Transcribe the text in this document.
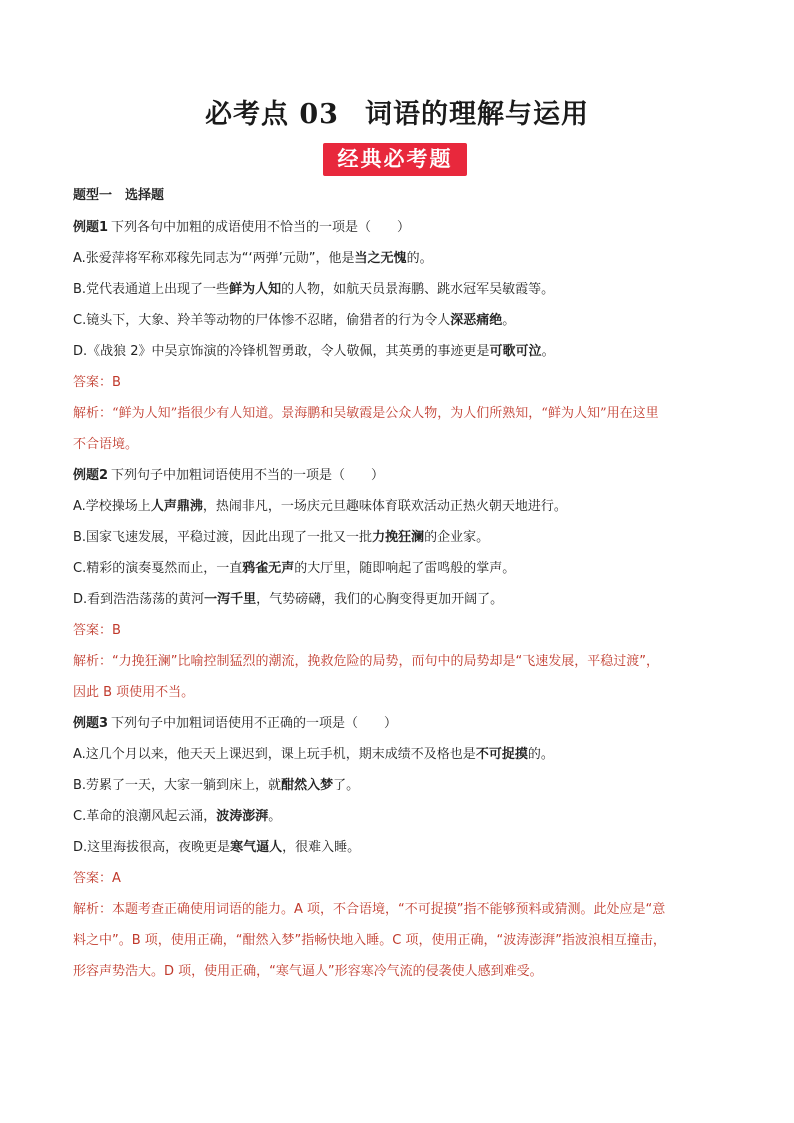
必考点 03 词语的理解与运用
经典必考题
题型一　 选择题
例题1 下列各句中加粗的成语使用不恰当的一项是（　　）
A.张爱萍将军称邓稼先同志为“‘两弹’元勋”，他是当之无愧的。
B.党代表通道上出现了一些鲜为人知的人物，如航天员景海鹏、跳水冠军吴敏霞等。
C.镜头下，大象、羚羊等动物的尸体惨不忍睹，偷猎者的行为令人深恶痛绝。
D.《战狼 2》中吴京饰演的冷锋机智勇敢，令人敬佩，其英勇的事迹更是可歌可泣。
答案：B
解析：“鲜为人知”指很少有人知道。景海鹏和吴敏霞是公众人物，为人们所熟知，“鲜为人知”用在这里
不合语境。
例题2 下列句子中加粗词语使用不当的一项是（　　）
A.学校操场上人声鼎沸，热闹非凡，一场庆元旦趣味体育联欢活动正热火朝天地进行。
B.国家飞速发展，平稳过渡，因此出现了一批又一批力挽狂澜的企业家。
C.精彩的演奏戛然而止，一直鸦雀无声的大厅里，随即响起了雷鸣般的掌声。
D.看到浩浩荡荡的黄河一泻千里，气势磅礴，我们的心胸变得更加开阔了。
答案：B
解析：“力挽狂澜”比喻控制猛烈的潮流，挽救危险的局势，而句中的局势却是“飞速发展，平稳过渡”，
因此 B 项使用不当。
例题3 下列句子中加粗词语使用不正确的一项是（　　）
A.这几个月以来，他天天上课迟到，课上玩手机，期末成绩不及格也是不可捉摸的。
B.劳累了一天，大家一躺到床上，就酣然入梦了。
C.革命的浪潮风起云涌，波涛澎湃。
D.这里海拔很高，夜晚更是寒气逼人，很难入睡。
答案：A
解析：本题考查正确使用词语的能力。A 项，不合语境，“不可捉摸”指不能够预料或猜测。此处应是“意
料之中”。B 项，使用正确，“酣然入梦”指畅快地入睡。C 项，使用正确，“波涛澎湃”指波浪相互撞击，
形容声势浩大。D 项，使用正确，“寒气逼人”形容寒冷气流的侵袭使人感到难受。
